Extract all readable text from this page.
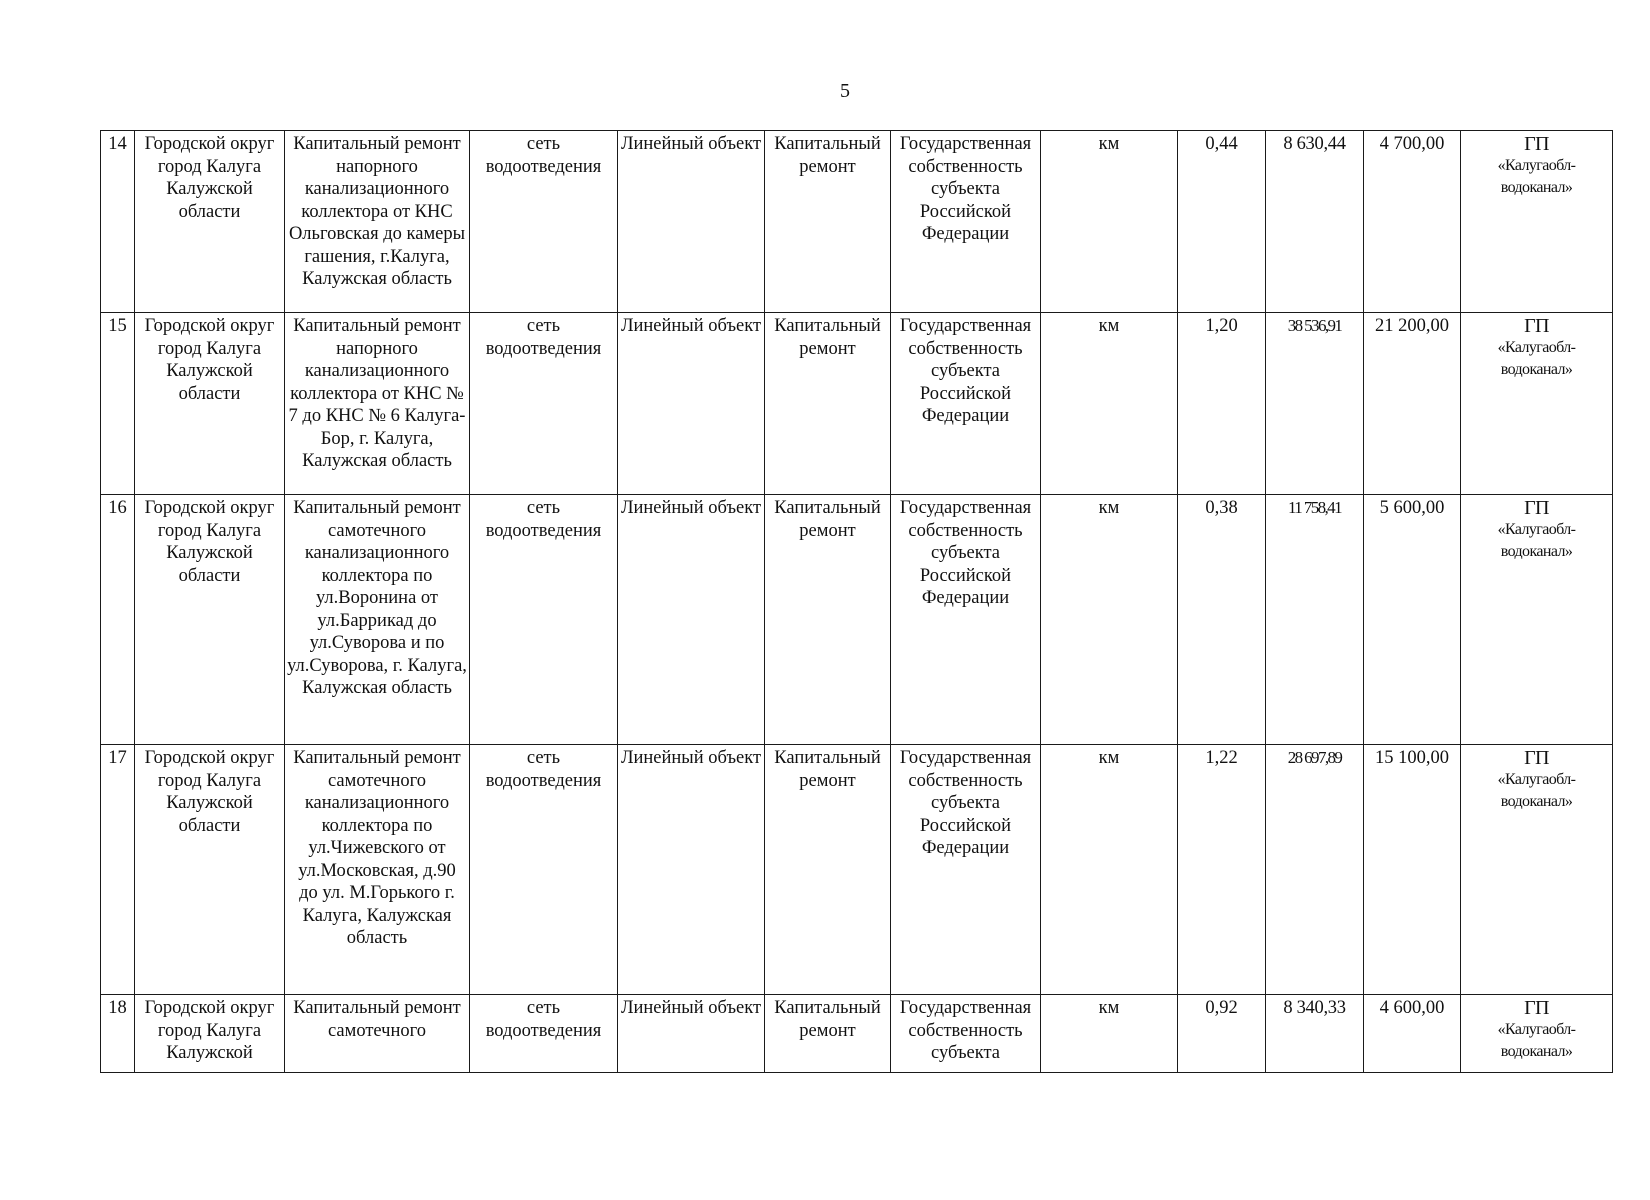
5
14	Городской округ город Калуга Калужской области	Капитальный ремонт напорного канализационного коллектора от КНС Ольговская до камеры гашения, г.Калуга, Калужская область	сеть водоотведения	Линейный объект	Капитальный ремонт	Государственная собственность субъекта Российской Федерации	км	0,44	8 630,44	4 700,00	ГП
«Калугаобл-водоканал»

15	Городской округ город Калуга Калужской области	Капитальный ремонт напорного канализационного коллектора от КНС № 7 до КНС № 6 Калуга-Бор, г. Калуга, Калужская область	сеть водоотведения	Линейный объект	Капитальный ремонт	Государственная собственность субъекта Российской Федерации	км	1,20	38 536,91	21 200,00	ГП
«Калугаобл-водоканал»

16	Городской округ город Калуга Калужской области	Капитальный ремонт самотечного канализационного коллектора по ул.Воронина от ул.Баррикад до ул.Суворова и по ул.Суворова, г. Калуга, Калужская область	сеть водоотведения	Линейный объект	Капитальный ремонт	Государственная собственность субъекта Российской Федерации	км	0,38	11 758,41	5 600,00	ГП
«Калугаобл-водоканал»

17	Городской округ город Калуга Калужской области	Капитальный ремонт самотечного канализационного коллектора по ул.Чижевского от ул.Московская, д.90 до ул. М.Горького г. Калуга, Калужская область	сеть водоотведения	Линейный объект	Капитальный ремонт	Государственная собственность субъекта Российской Федерации	км	1,22	28 697,89	15 100,00	ГП
«Калугаобл-водоканал»

18	Городской округ город Калуга Калужской	Капитальный ремонт самотечного	сеть водоотведения	Линейный объект	Капитальный ремонт	Государственная собственность субъекта	км	0,92	8 340,33	4 600,00	ГП
«Калугаобл-водоканал»
